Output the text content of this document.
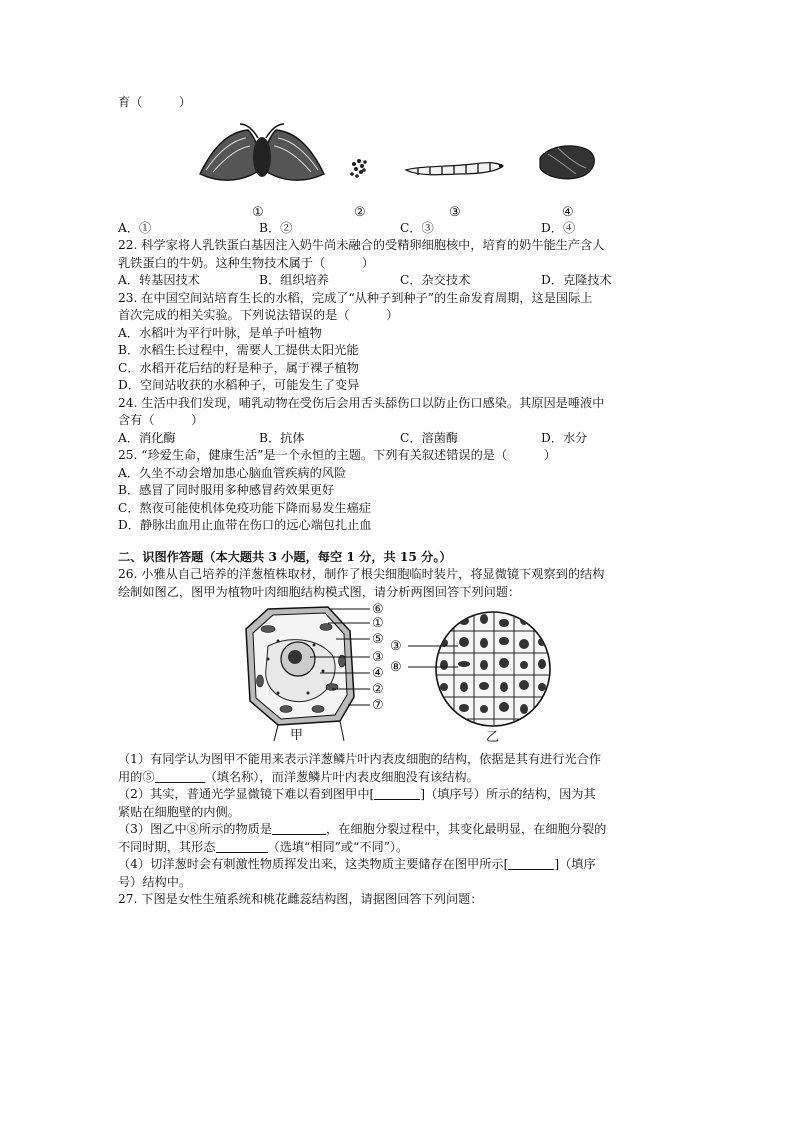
育（　　　）
①	②	③	④
A．①	B．②	C．③	D．④
22. 科学家将人乳铁蛋白基因注入奶牛尚未融合的受精卵细胞核中，培育的奶牛能生产含人
乳铁蛋白的牛奶。这种生物技术属于（　　　）
A．转基因技术	B．组织培养	C．杂交技术	D．克隆技术
23. 在中国空间站培育生长的水稻，完成了“从种子到种子”的生命发育周期，这是国际上
首次完成的相关实验。下列说法错误的是（　　　）
A．水稻叶为平行叶脉，是单子叶植物
B．水稻生长过程中，需要人工提供太阳光能
C．水稻开花后结的籽是种子，属于裸子植物
D．空间站收获的水稻种子，可能发生了变异
24. 生活中我们发现，哺乳动物在受伤后会用舌头舔伤口以防止伤口感染。其原因是唾液中
含有（　　　）
A．消化酶	B．抗体	C．溶菌酶	D．水分
25. “珍爱生命，健康生活”是一个永恒的主题。下列有关叙述错误的是（　　　）
A．久坐不动会增加患心脑血管疾病的风险
B．感冒了同时服用多种感冒药效果更好
C．熬夜可能使机体免疫功能下降而易发生癌症
D．静脉出血用止血带在伤口的远心端包扎止血
二、识图作答题（本大题共 3 小题，每空 1 分，共 15 分。）
26. 小雅从自己培养的洋葱植株取材，制作了根尖细胞临时装片，将显微镜下观察到的结构
绘制如图乙，图甲为植物叶肉细胞结构模式图，请分析两图回答下列问题：
⑥
①
⑤
③
④
②
⑦
③
⑧
甲	乙
（1）有同学认为图甲不能用来表示洋葱鳞片叶内表皮细胞的结构，依据是其有进行光合作
用的⑤	（填名称），而洋葱鳞片叶内表皮细胞没有该结构。
（2）其实，普通光学显微镜下难以看到图甲中[	]（填序号）所示的结构，因为其
紧贴在细胞壁的内侧。
（3）图乙中⑧所示的物质是	，在细胞分裂过程中，其变化最明显，在细胞分裂的
不同时期，其形态	（选填“相同”或“不同”）。
（4）切洋葱时会有刺激性物质挥发出来，这类物质主要储存在图甲所示[	]（填序
号）结构中。
27. 下图是女性生殖系统和桃花雌蕊结构图，请据图回答下列问题：
